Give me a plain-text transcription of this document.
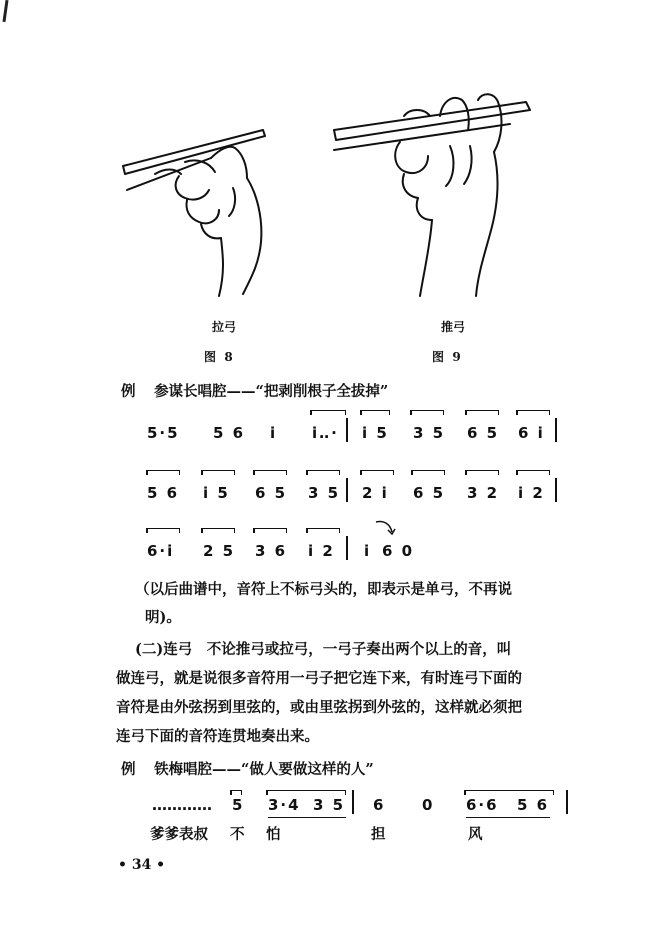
拉弓	推弓
图  8	图  9
例 参谋长唱腔——“把剥削根子全拔掉”
5·5 5 6 i i‥· i 5 3 5 6 5 6 i
5 6 i 5 6 5 3 5 2 i 6 5 3 2 i 2
6·i 2 5 3 6 i 2 i 6 0
（以后曲谱中，音符上不标弓头的，即表示是单弓，不再说
明)。
(二)连弓　不论推弓或拉弓，一弓子奏出两个以上的音，叫
做连弓，就是说很多音符用一弓子把它连下来，有时连弓下面的
音符是由外弦拐到里弦的，或由里弦拐到外弦的，这样就必须把
连弓下面的音符连贯地奏出来。
例 铁梅唱腔——“做人要做这样的人”
………… 5 3·4 3 5 6 0 6·6 5 6
爹爹表叔 不 怕	担	风
• 34 •
